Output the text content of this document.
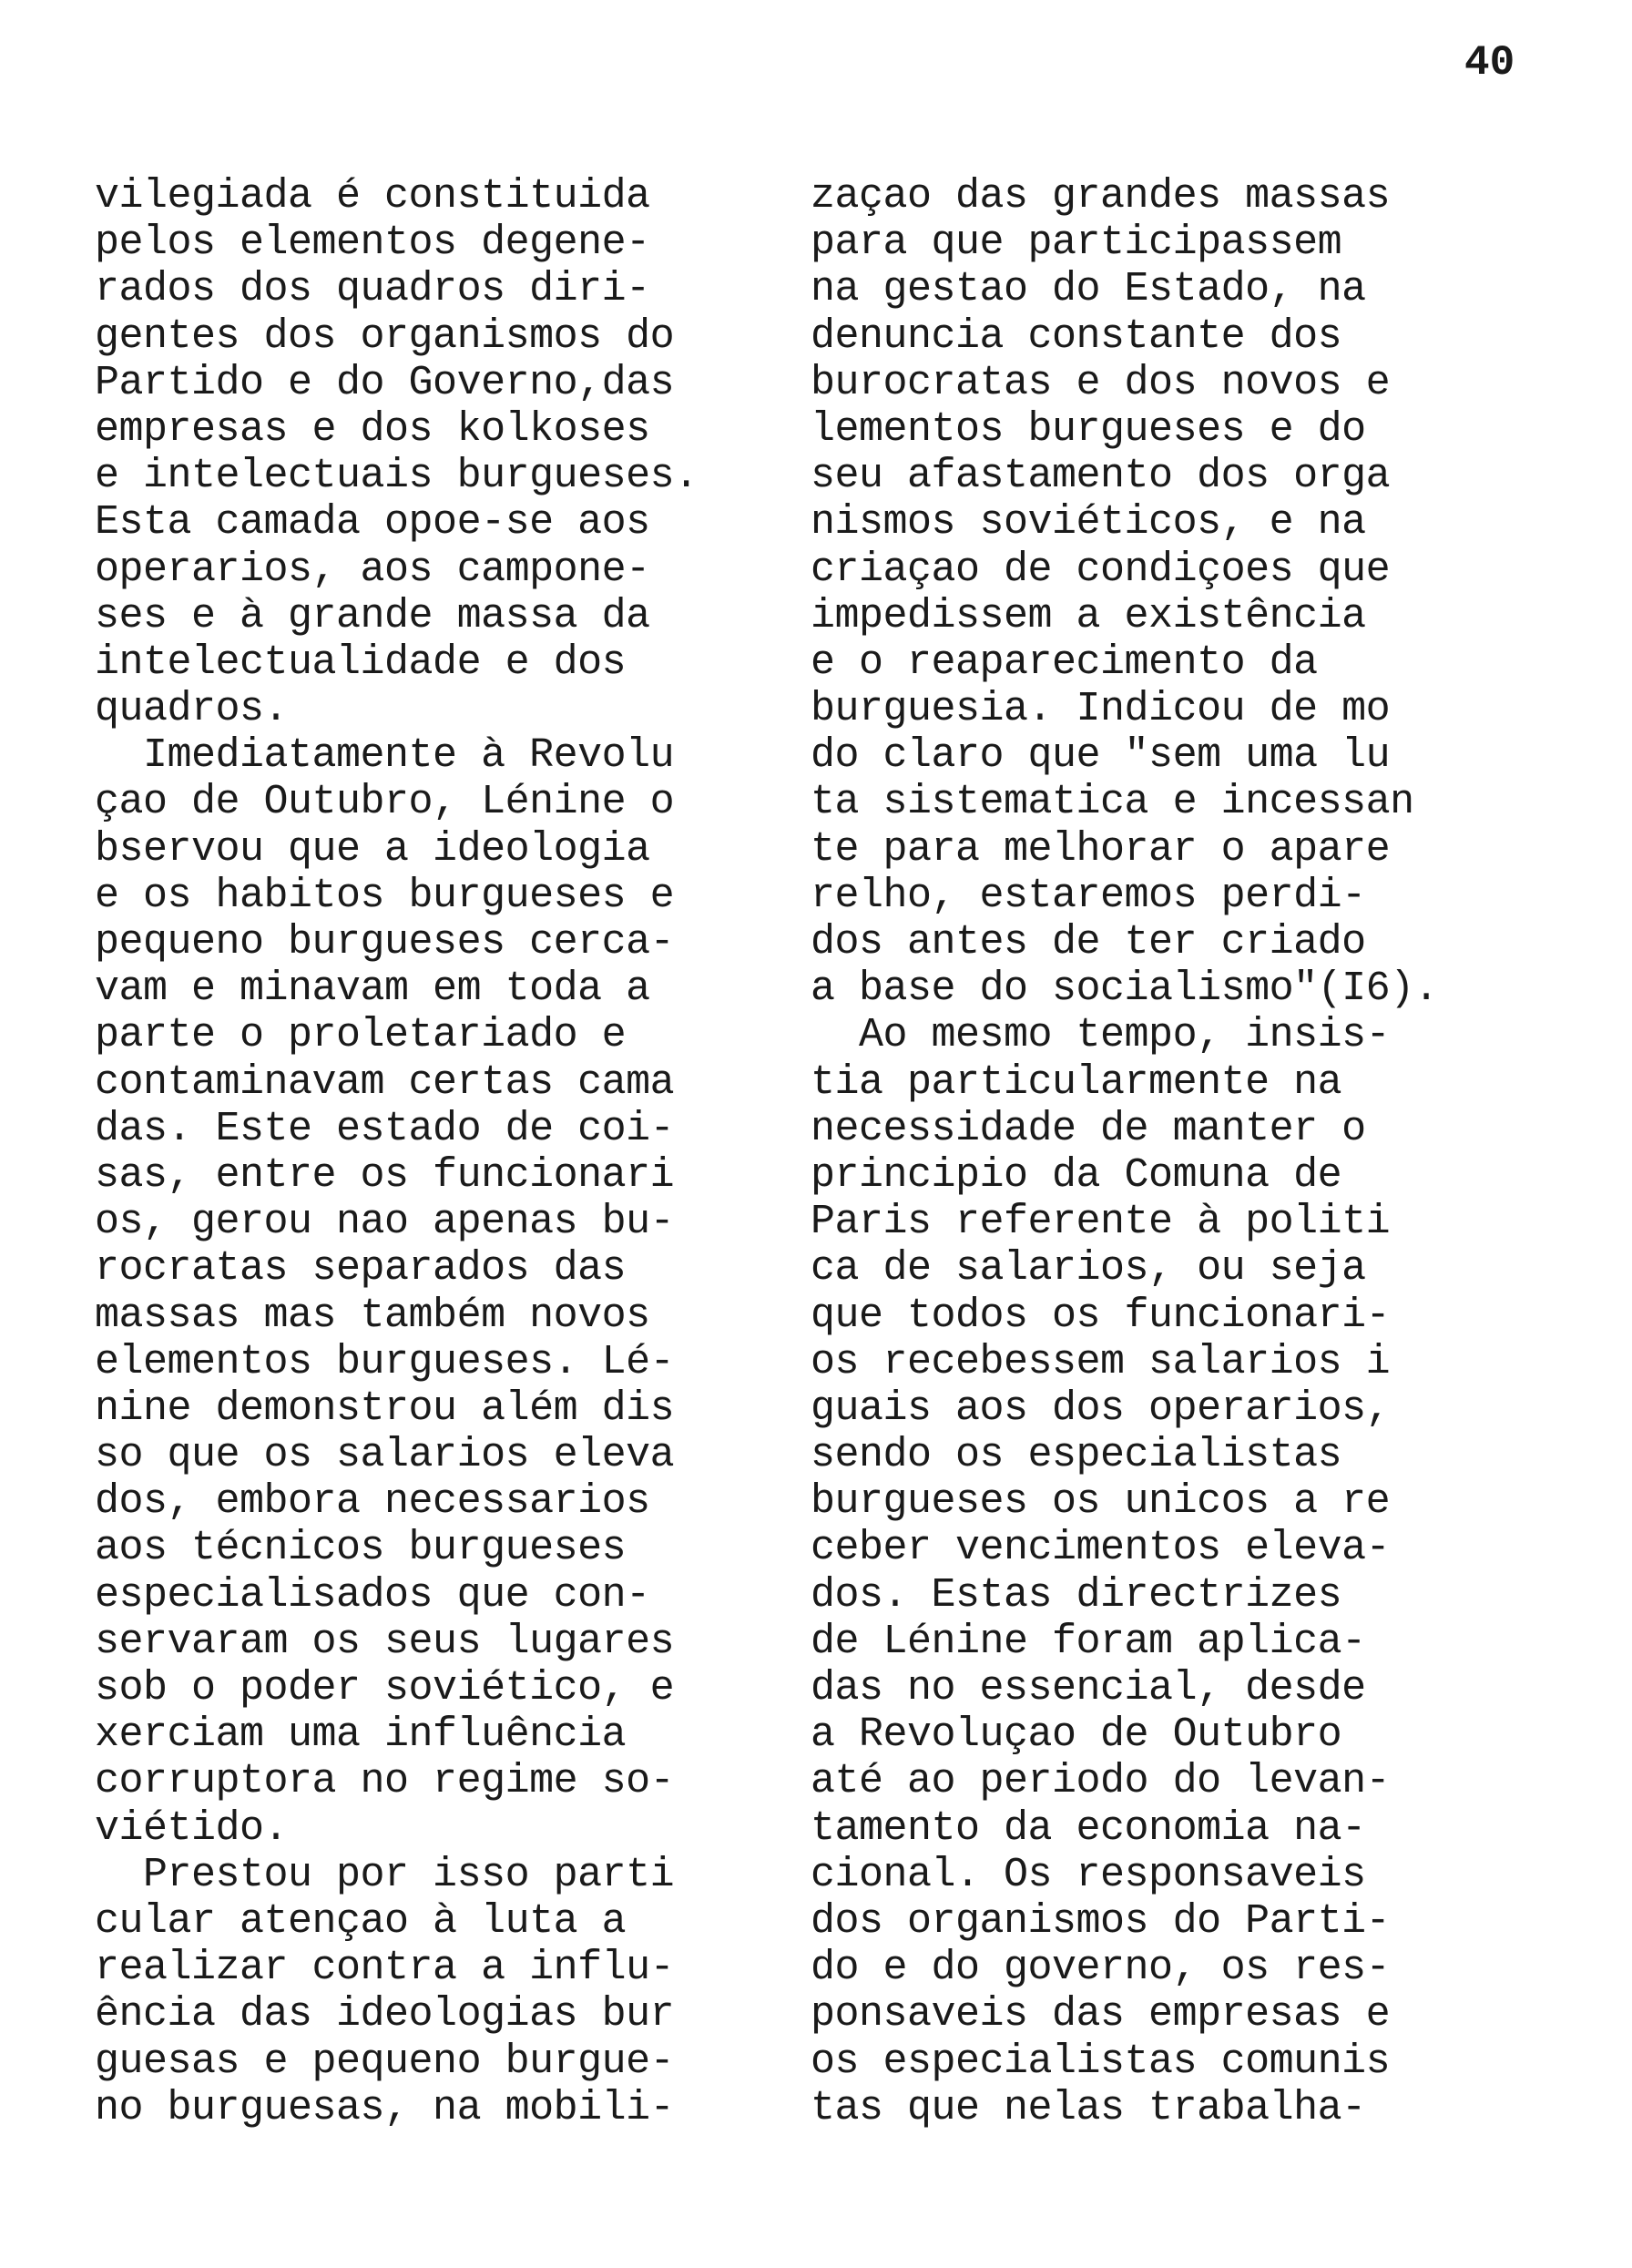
40
vilegiada é constituida
pelos elementos degene-
rados dos quadros diri-
gentes dos organismos do
Partido e do Governo,das
empresas e dos kolkoses
e intelectuais burgueses.
Esta camada opoe-se aos
operarios, aos campone-
ses e à grande massa da
intelectualidade e dos
quadros.
Imediatamente à Revolu
çao de Outubro, Lénine o
bservou que a ideologia
e os habitos burgueses e
pequeno burgueses cerca-
vam e minavam em toda a
parte o proletariado e
contaminavam certas cama
das. Este estado de coi-
sas, entre os funcionari
os, gerou nao apenas bu-
rocratas separados das
massas mas também novos
elementos burgueses. Lé-
nine demonstrou além dis
so que os salarios eleva
dos, embora necessarios
aos técnicos burgueses
especialisados que con-
servaram os seus lugares
sob o poder soviético, e
xerciam uma influência
corruptora no regime so-
viétido.
Prestou por isso parti
cular atençao à luta a
realizar contra a influ-
ência das ideologias bur
guesas e pequeno burgue-
no burguesas, na mobili-
zaçao das grandes massas
para que participassem
na gestao do Estado, na
denuncia constante dos
burocratas e dos novos e
lementos burgueses e do
seu afastamento dos orga
nismos soviéticos, e na
criaçao de condiçoes que
impedissem a existência
e o reaparecimento da
burguesia. Indicou de mo
do claro que "sem uma lu
ta sistematica e incessan
te para melhorar o apare
relho, estaremos perdi-
dos antes de ter criado
a base do socialismo"(I6).
Ao mesmo tempo, insis-
tia particularmente na
necessidade de manter o
principio da Comuna de
Paris referente à politi
ca de salarios, ou seja
que todos os funcionari-
os recebessem salarios i
guais aos dos operarios,
sendo os especialistas
burgueses os unicos a re
ceber vencimentos eleva-
dos. Estas directrizes
de Lénine foram aplica-
das no essencial, desde
a Revoluçao de Outubro
até ao periodo do levan-
tamento da economia na-
cional. Os responsaveis
dos organismos do Parti-
do e do governo, os res-
ponsaveis das empresas e
os especialistas comunis
tas que nelas trabalha-
